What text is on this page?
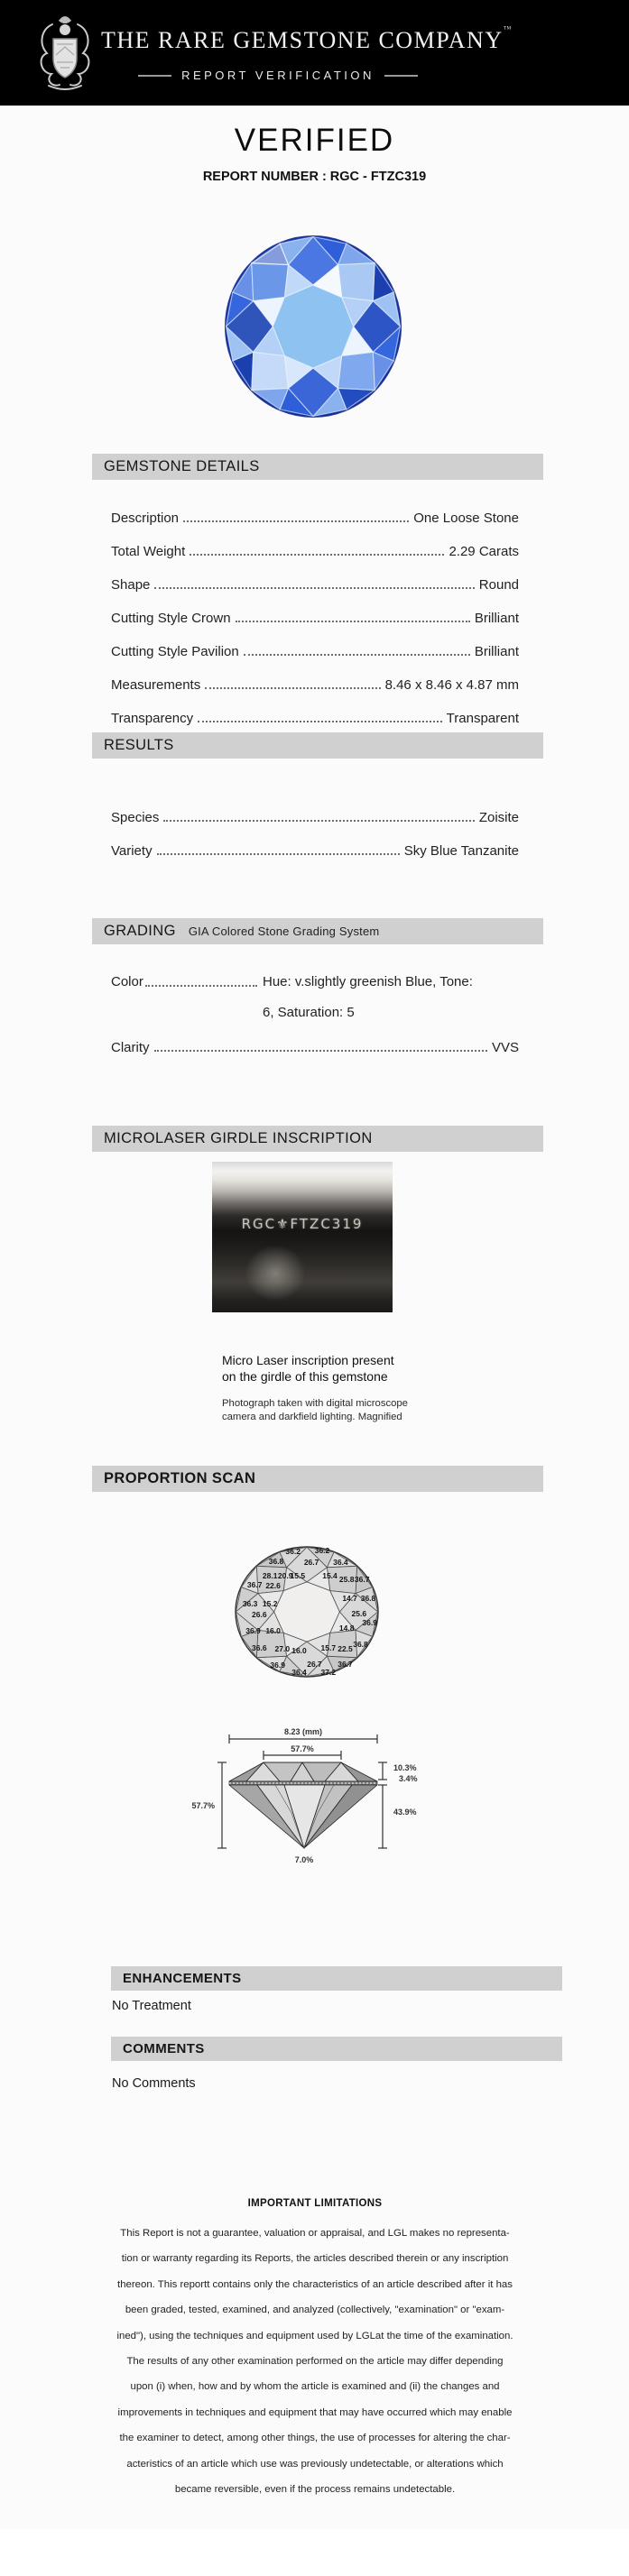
THE RARE GEMSTONE COMPANY™
REPORT VERIFICATION
VERIFIED
REPORT NUMBER : RGC - FTZC319
GEMSTONE DETAILS
Description	One Loose Stone
Total Weight	2.29 Carats
Shape	Round
Cutting Style Crown	Brilliant
Cutting Style Pavilion	Brilliant
Measurements	8.46 x 8.46 x 4.87 mm
Transparency	Transparent
RESULTS
Species	Zoisite
Variety	Sky Blue Tanzanite
GRADING GIA Colored Stone Grading System
Color	Hue: v.slightly greenish Blue, Tone:
6, Saturation: 5
Clarity	VVS
MICROLASER GIRDLE INSCRIPTION
RGC⚜FTZC319
Micro Laser inscription present
on the girdle of this gemstone
Photograph taken with digital microscope
camera and darkfield lighting. Magnified
PROPORTION SCAN
36.2 36.2
26.7
36.8	36.4
28.1 20.9
15.5 15.4 25.8 36.7
36.7 22.6
36.3 15.2
14.7 36.8
26.6	25.6
36.9 16.0
36.9
14.8
36.6 27.0 16.0 15.7 22.5 36.8
36.9	26.7 36.7
36.4 37.2
8.23 (mm)
57.7%
57.7%
10.3%
3.4%
43.9%
7.0%
ENHANCEMENTS
No Treatment
COMMENTS
No Comments
IMPORTANT LIMITATIONS
This Report is not a guarantee, valuation or appraisal, and LGL makes no representa-
tion or warranty regarding its Reports, the articles described therein or any inscription
thereon. This reportt contains only the characteristics of an article described after it has
been graded, tested, examined, and analyzed (collectively, "examination" or "exam-
ined"), using the techniques and equipment used by LGLat the time of the examination.
The results of any other examination performed on the article may differ depending
upon (i) when, how and by whom the article is examined and (ii) the changes and
improvements in techniques and equipment that may have occurred which may enable
the examiner to detect, among other things, the use of processes for altering the char-
acteristics of an article which use was previously undetectable, or alterations which
became reversible, even if the process remains undetectable.
